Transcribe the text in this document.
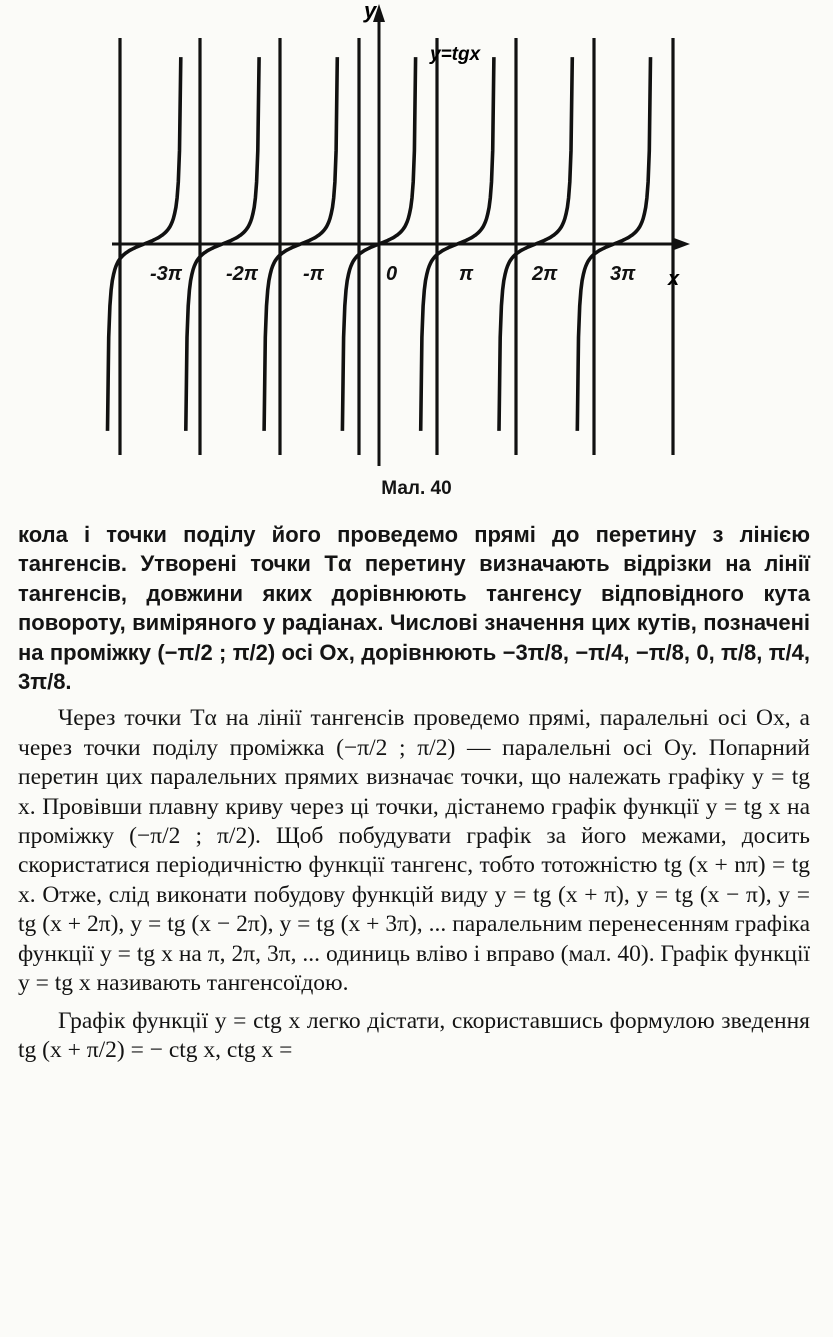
-3π -2π -π	0	π	2π	3π x
y
y=tgx
Мал. 40

кола і точки поділу його проведемо прямі до перетину з лінією тангенсів. Утворені точки Tα перетину визначають відрізки на лінії тангенсів, довжини яких дорівнюють тангенсу відповідного кута повороту, виміряного у радіанах. Числові значення цих кутів, позначені на проміжку (−π/2 ; π/2) осі Ox, дорівнюють −3π/8, −π/4, −π/8, 0, π/8, π/4, 3π/8.

Через точки Tα на лінії тангенсів проведемо прямі, паралельні осі Ox, а через точки поділу проміжка (−π/2 ; π/2) — паралельні осі Oy. Попарний перетин цих паралельних прямих визначає точки, що належать графіку y = tg x. Провівши плавну криву через ці точки, дістанемо графік функції y = tg x на проміжку (−π/2 ; π/2). Щоб побудувати графік за його межами, досить скористатися періодичністю функції тангенс, тобто тотожністю tg (x + nπ) = tg x. Отже, слід виконати побудову функцій виду y = tg (x + π), y = tg (x − π), y = tg (x + 2π), y = tg (x − 2π), y = tg (x + 3π), ... паралельним перенесенням графіка функції y = tg x на π, 2π, 3π, ... одиниць вліво і вправо (мал. 40). Графік функції y = tg x називають тангенсоїдою.

Графік функції y = ctg x легко дістати, скориставшись формулою зведення tg (x + π/2) = − ctg x, ctg x =
